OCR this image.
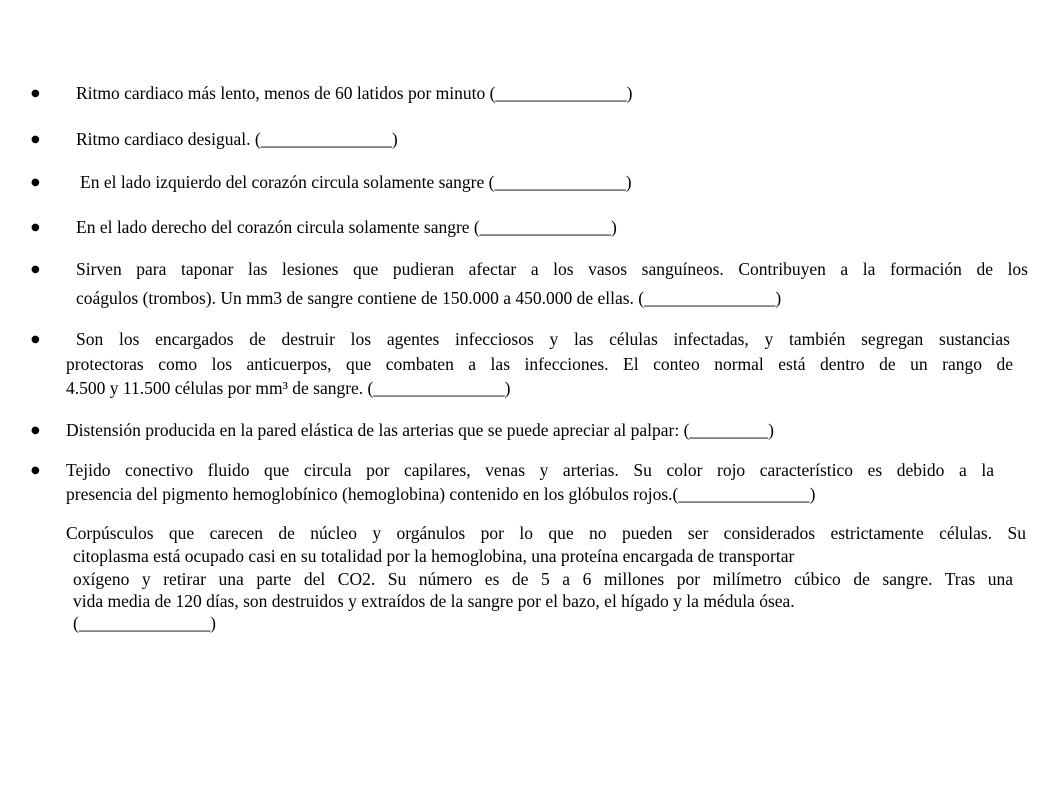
● Ritmo cardiaco más lento, menos de 60 latidos por minuto (_______________)
● Ritmo cardiaco desigual. (_______________)
● En el lado izquierdo del corazón circula solamente sangre (_______________)
● En el lado derecho del corazón circula solamente sangre (_______________)
● Sirven para taponar las lesiones que pudieran afectar a los vasos sanguíneos. Contribuyen a la formación de los
coágulos (trombos). Un mm3 de sangre contiene de 150.000 a 450.000 de ellas. (_______________)
● Son los encargados de destruir los agentes infecciosos y las células infectadas, y también segregan sustancias
protectoras como los anticuerpos, que combaten a las infecciones. El conteo normal está dentro de un rango de
4.500 y 11.500 células por mm³ de sangre. (_______________)
● Distensión producida en la pared elástica de las arterias que se puede apreciar al palpar: (_________)
● Tejido conectivo fluido que circula por capilares, venas y arterias. Su color rojo característico es debido a la
presencia del pigmento hemoglobínico (hemoglobina) contenido en los glóbulos rojos.(_______________)
Corpúsculos que carecen de núcleo y orgánulos por lo que no pueden ser considerados estrictamente células. Su
citoplasma está ocupado casi en su totalidad por la hemoglobina, una proteína encargada de transportar
oxígeno y retirar una parte del CO2. Su número es de 5 a 6 millones por milímetro cúbico de sangre. Tras una
vida media de 120 días, son destruidos y extraídos de la sangre por el bazo, el hígado y la médula ósea.
(_______________)
